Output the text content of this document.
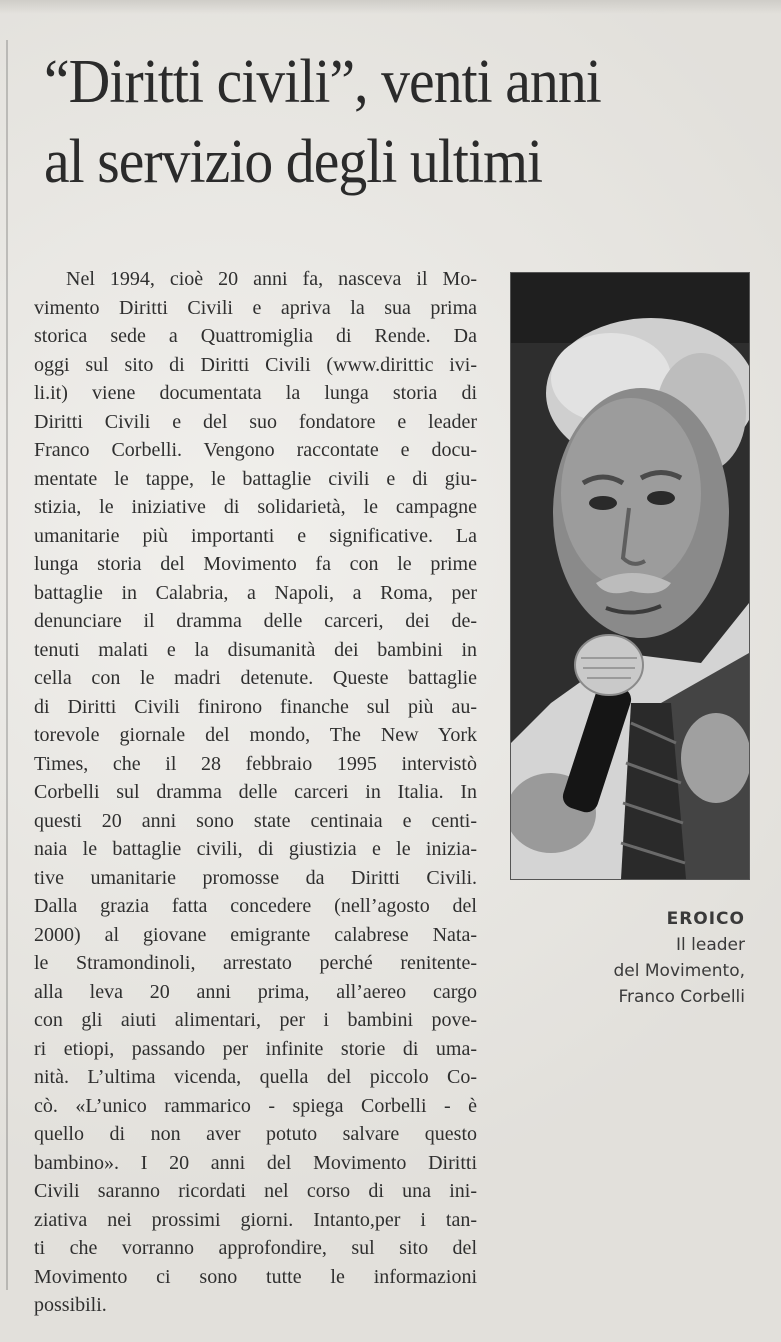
“Diritti civili”, venti anni
al servizio degli ultimi
Nel 1994, cioè 20 anni fa, nasceva il Mo-
vimento Diritti Civili e apriva la sua prima
storica sede a Quattromiglia di Rende. Da
oggi sul sito di Diritti Civili (www.dirittic ivi-
li.it) viene documentata la lunga storia di
Diritti Civili e del suo fondatore e leader
Franco Corbelli. Vengono raccontate e docu-
mentate le tappe, le battaglie civili e di giu-
stizia, le iniziative di solidarietà, le campagne
umanitarie più importanti e significative. La
lunga storia del Movimento fa con le prime
battaglie in Calabria, a Napoli, a Roma, per
denunciare il dramma delle carceri, dei de-
tenuti malati e la disumanità dei bambini in
cella con le madri detenute. Queste battaglie
di Diritti Civili finirono finanche sul più au-
torevole giornale del mondo, The New York
Times, che il 28 febbraio 1995 intervistò
Corbelli sul dramma delle carceri in Italia. In
questi 20 anni sono state centinaia e centi-
naia le battaglie civili, di giustizia e le inizia-
tive umanitarie promosse da Diritti Civili.
Dalla grazia fatta concedere (nell’agosto del
2000) al giovane emigrante calabrese Nata-
le Stramondinoli, arrestato perché renitente-
alla leva 20 anni prima, all’aereo cargo
con gli aiuti alimentari, per i bambini pove-
ri etiopi, passando per infinite storie di uma-
nità. L’ultima vicenda, quella del piccolo Co-
cò. «L’unico rammarico - spiega Corbelli - è
quello di non aver potuto salvare questo
bambino». I 20 anni del Movimento Diritti
Civili saranno ricordati nel corso di una ini-
ziativa nei prossimi giorni. Intanto,per i tan-
ti che vorranno approfondire, sul sito del
Movimento ci sono tutte le informazioni
possibili.
EROICO
Il leader
del Movimento,
Franco Corbelli
